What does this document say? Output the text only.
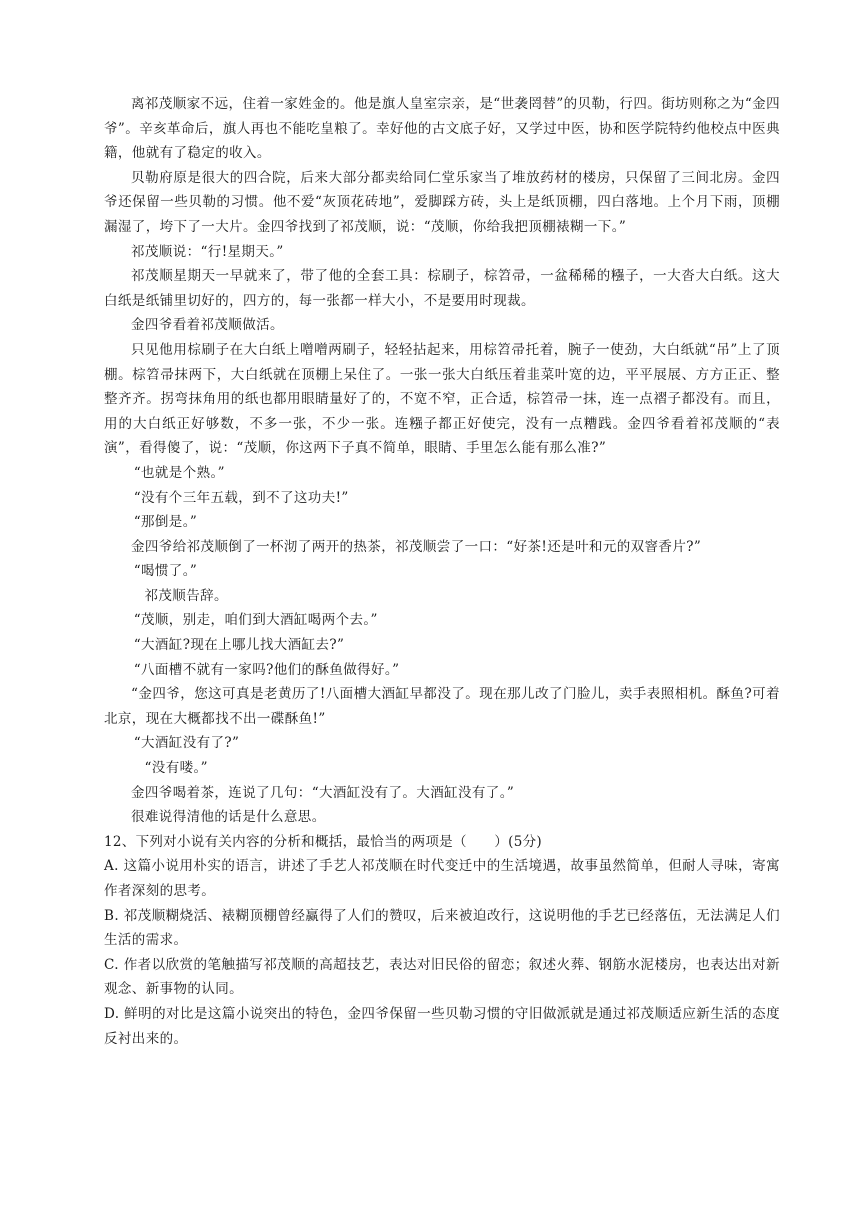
离祁茂顺家不远，住着一家姓金的。他是旗人皇室宗亲，是“世袭罔替”的贝勒，行四。街坊则称之为“金四爷”。辛亥革命后，旗人再也不能吃皇粮了。幸好他的古文底子好，又学过中医，协和医学院特约他校点中医典籍，他就有了稳定的收入。

贝勒府原是很大的四合院，后来大部分都卖给同仁堂乐家当了堆放药材的楼房，只保留了三间北房。金四爷还保留一些贝勒的习惯。他不爱“灰顶花砖地”，爱脚踩方砖，头上是纸顶棚，四白落地。上个月下雨，顶棚漏湿了，垮下了一大片。金四爷找到了祁茂顺，说：“茂顺，你给我把顶棚裱糊一下。”

祁茂顺说：“行!星期天。”

祁茂顺星期天一早就来了，带了他的全套工具：棕刷子，棕笤帚，一盆稀稀的糨子，一大沓大白纸。这大白纸是纸铺里切好的，四方的，每一张都一样大小，不是要用时现裁。

金四爷看着祁茂顺做活。

只见他用棕刷子在大白纸上噌噌两刷子，轻轻拈起来，用棕笤帚托着，腕子一使劲，大白纸就“吊”上了顶棚。棕笤帚抹两下，大白纸就在顶棚上呆住了。一张一张大白纸压着韭菜叶宽的边，平平展展、方方正正、整整齐齐。拐弯抹角用的纸也都用眼睛量好了的，不宽不窄，正合适，棕笤帚一抹，连一点褶子都没有。而且，用的大白纸正好够数，不多一张，不少一张。连糨子都正好使完，没有一点糟践。金四爷看着祁茂顺的“表演”，看得傻了，说：“茂顺，你这两下子真不简单，眼睛、手里怎么能有那么准?”

“也就是个熟。”

“没有个三年五载，到不了这功夫!”

“那倒是。”

金四爷给祁茂顺倒了一杯沏了两开的热茶，祁茂顺尝了一口：“好茶!还是叶和元的双窨香片?”

“喝惯了。”

祁茂顺告辞。

“茂顺，别走，咱们到大酒缸喝两个去。”

“大酒缸?现在上哪儿找大酒缸去?”

“八面槽不就有一家吗?他们的酥鱼做得好。”

“金四爷，您这可真是老黄历了!八面槽大酒缸早都没了。现在那儿改了门脸儿，卖手表照相机。酥鱼?可着北京，现在大概都找不出一碟酥鱼!”

“大酒缸没有了?”

“没有喽。”

金四爷喝着茶，连说了几句：“大酒缸没有了。大酒缸没有了。”

很难说得清他的话是什么意思。

12、下列对小说有关内容的分析和概括，最恰当的两项是（　　）(5分)

A. 这篇小说用朴实的语言，讲述了手艺人祁茂顺在时代变迁中的生活境遇，故事虽然简单，但耐人寻味，寄寓作者深刻的思考。

B. 祁茂顺糊烧活、裱糊顶棚曾经赢得了人们的赞叹，后来被迫改行，这说明他的手艺已经落伍，无法满足人们生活的需求。

C. 作者以欣赏的笔触描写祁茂顺的高超技艺，表达对旧民俗的留恋；叙述火葬、钢筋水泥楼房，也表达出对新观念、新事物的认同。

D. 鲜明的对比是这篇小说突出的特色，金四爷保留一些贝勒习惯的守旧做派就是通过祁茂顺适应新生活的态度反衬出来的。
